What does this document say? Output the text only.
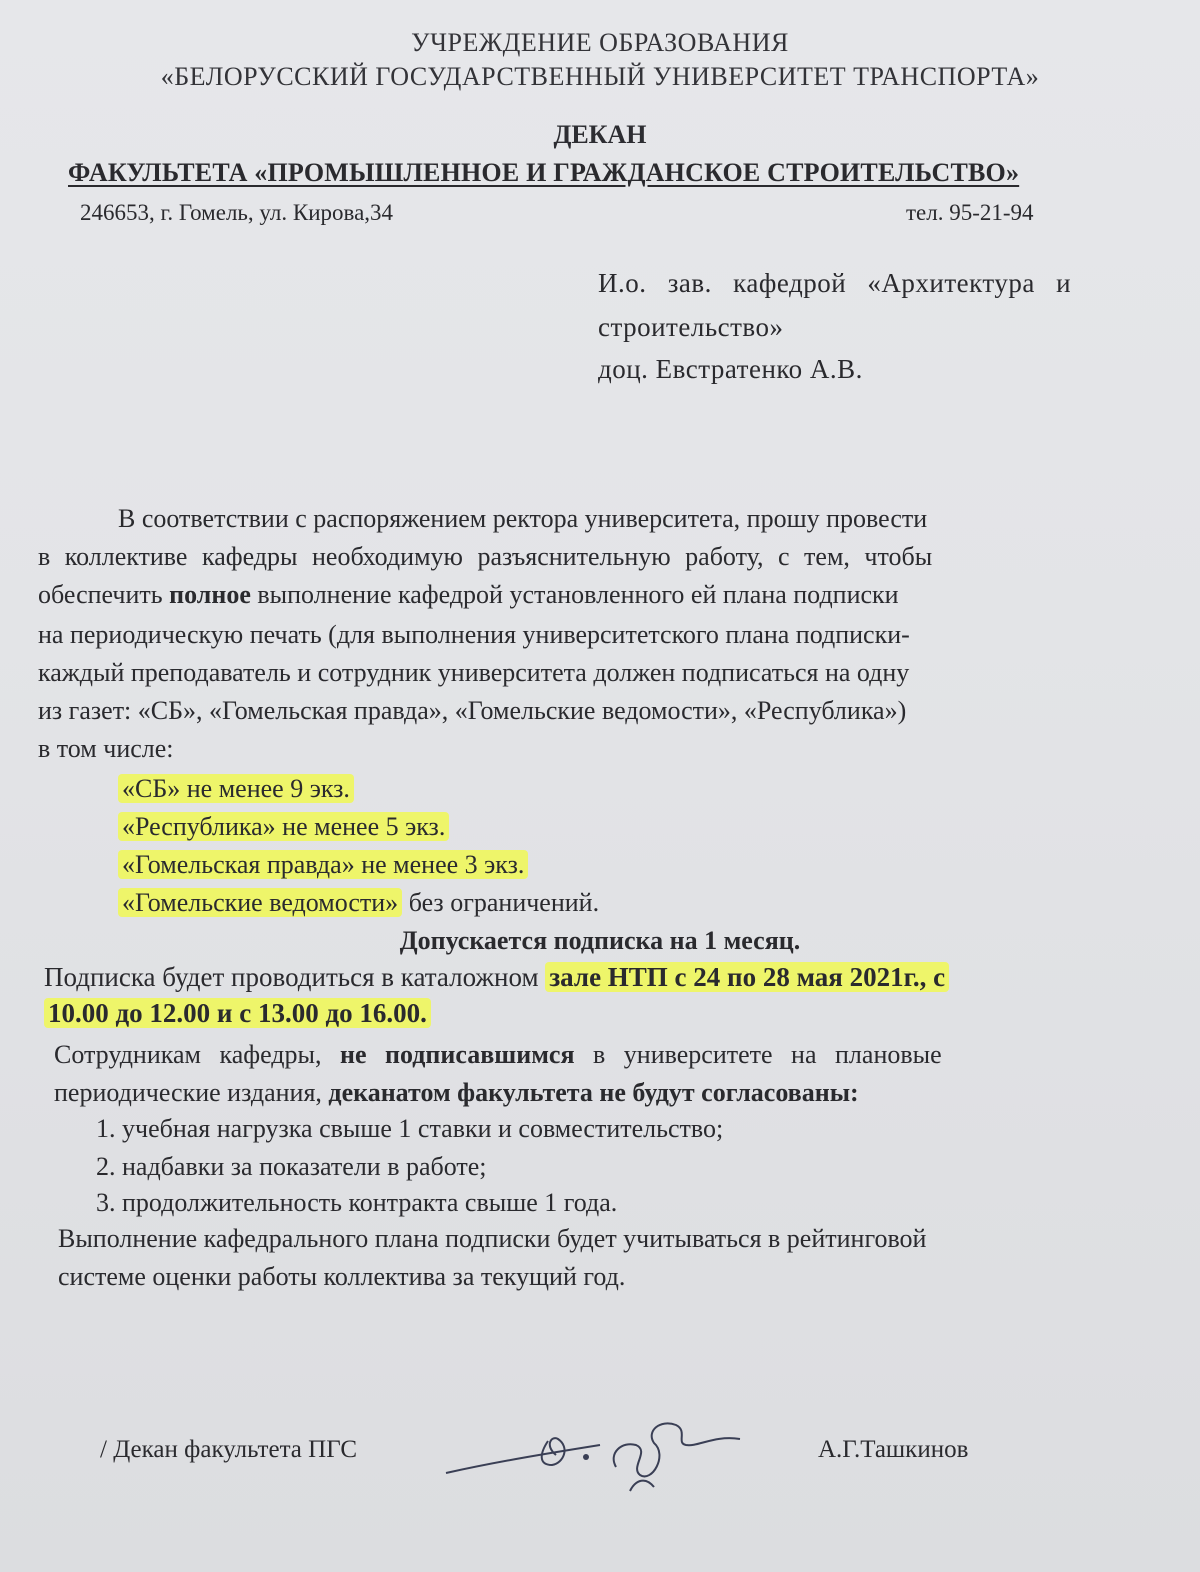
УЧРЕЖДЕНИЕ ОБРАЗОВАНИЯ
«БЕЛОРУССКИЙ ГОСУДАРСТВЕННЫЙ УНИВЕРСИТЕТ ТРАНСПОРТА»
ДЕКАН
ФАКУЛЬТЕТА «ПРОМЫШЛЕННОЕ И ГРАЖДАНСКОЕ СТРОИТЕЛЬСТВО»
246653, г. Гомель, ул. Кирова,34	тел. 95-21-94
И.о. зав. кафедрой «Архитектура и
строительство»
доц. Евстратенко А.В.
В соответствии с распоряжением ректора университета, прошу провести
в коллективе кафедры необходимую разъяснительную работу, с тем, чтобы
обеспечить полное выполнение кафедрой установленного ей плана подписки
на периодическую печать (для выполнения университетского плана подписки-
каждый преподаватель и сотрудник университета должен подписаться на одну
из газет: «СБ», «Гомельская правда», «Гомельские ведомости», «Республика»)
в том числе:
«СБ» не менее 9 экз.
«Республика» не менее 5 экз.
«Гомельская правда» не менее 3 экз.
«Гомельские ведомости» без ограничений.
Допускается подписка на 1 месяц.
Подписка будет проводиться в каталожном зале НТП с 24 по 28 мая 2021г., с
10.00 до 12.00 и с 13.00 до 16.00.
Сотрудникам кафедры, не подписавшимся в университете на плановые
периодические издания, деканатом факультета не будут согласованы:
1. учебная нагрузка свыше 1 ставки и совместительство;
2. надбавки за показатели в работе;
3. продолжительность контракта свыше 1 года.
Выполнение кафедрального плана подписки будет учитываться в рейтинговой
системе оценки работы коллектива за текущий год.
/ Декан факультета ПГС	А.Г.Ташкинов
